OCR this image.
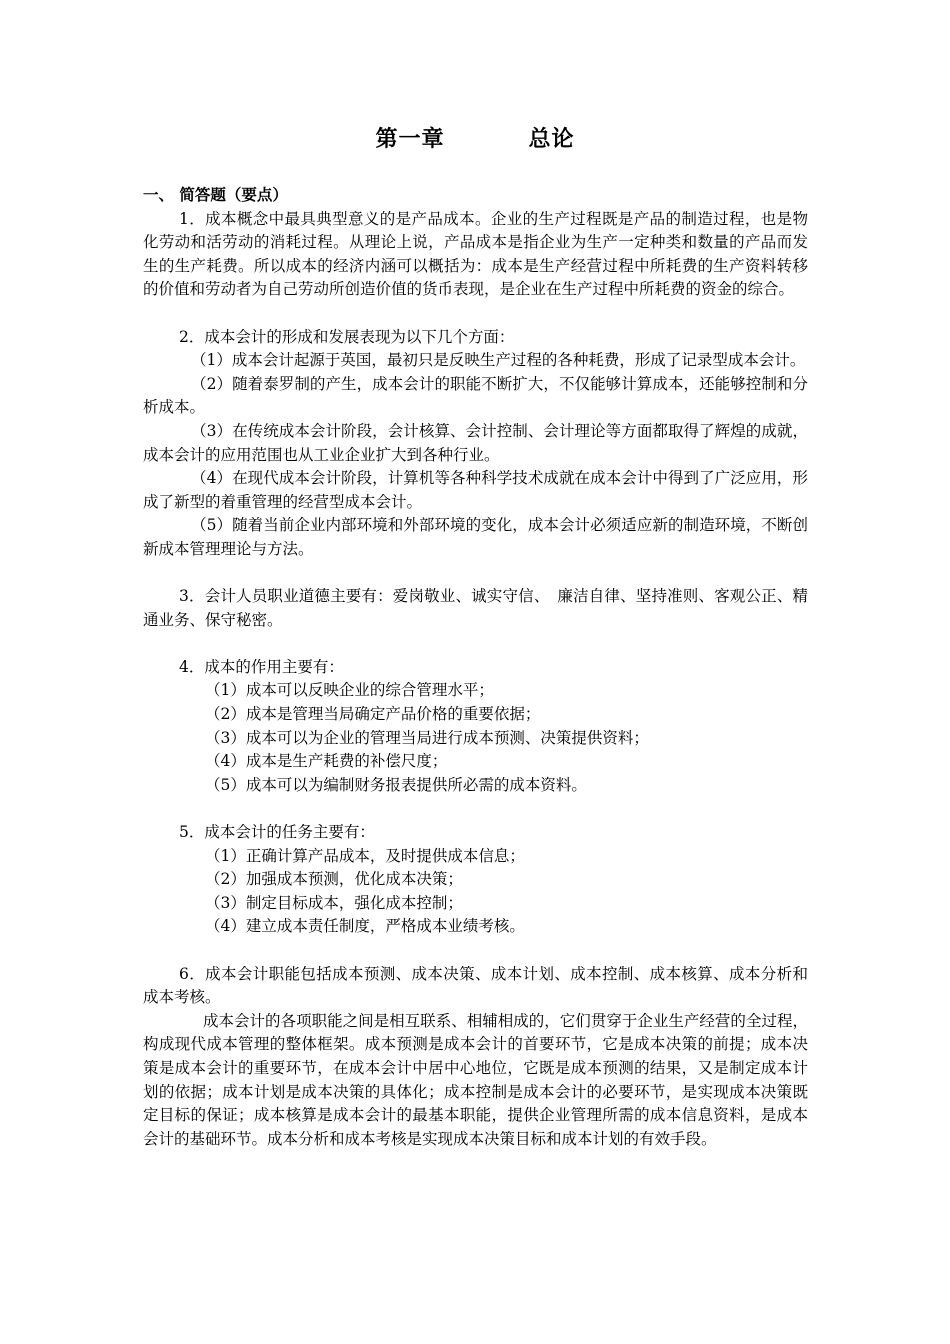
第一章	总论

一、 简答题（要点）

1．成本概念中最具典型意义的是产品成本。企业的生产过程既是产品的制造过程，也是物化劳动和活劳动的消耗过程。从理论上说，产品成本是指企业为生产一定种类和数量的产品而发生的生产耗费。所以成本的经济内涵可以概括为：成本是生产经营过程中所耗费的生产资料转移的价值和劳动者为自己劳动所创造价值的货币表现，是企业在生产过程中所耗费的资金的综合。

2．成本会计的形成和发展表现为以下几个方面：

（1）成本会计起源于英国，最初只是反映生产过程的各种耗费，形成了记录型成本会计。

（2）随着泰罗制的产生，成本会计的职能不断扩大，不仅能够计算成本，还能够控制和分析成本。

（3）在传统成本会计阶段，会计核算、会计控制、会计理论等方面都取得了辉煌的成就，成本会计的应用范围也从工业企业扩大到各种行业。

（4）在现代成本会计阶段，计算机等各种科学技术成就在成本会计中得到了广泛应用，形成了新型的着重管理的经营型成本会计。

（5）随着当前企业内部环境和外部环境的变化，成本会计必须适应新的制造环境，不断创新成本管理理论与方法。

3．会计人员职业道德主要有：爱岗敬业、诚实守信、　廉洁自律、坚持准则、客观公正、精通业务、保守秘密。

4．成本的作用主要有：

（1）成本可以反映企业的综合管理水平；

（2）成本是管理当局确定产品价格的重要依据；

（3）成本可以为企业的管理当局进行成本预测、决策提供资料；

（4）成本是生产耗费的补偿尺度；

（5）成本可以为编制财务报表提供所必需的成本资料。

5．成本会计的任务主要有：

（1）正确计算产品成本，及时提供成本信息；

（2）加强成本预测，优化成本决策；

（3）制定目标成本，强化成本控制；

（4）建立成本责任制度，严格成本业绩考核。

6．成本会计职能包括成本预测、成本决策、成本计划、成本控制、成本核算、成本分析和成本考核。

成本会计的各项职能之间是相互联系、相辅相成的，它们贯穿于企业生产经营的全过程，构成现代成本管理的整体框架。成本预测是成本会计的首要环节，它是成本决策的前提；成本决策是成本会计的重要环节，在成本会计中居中心地位，它既是成本预测的结果，又是制定成本计划的依据；成本计划是成本决策的具体化；成本控制是成本会计的必要环节，是实现成本决策既定目标的保证；成本核算是成本会计的最基本职能，提供企业管理所需的成本信息资料，是成本会计的基础环节。成本分析和成本考核是实现成本决策目标和成本计划的有效手段。
